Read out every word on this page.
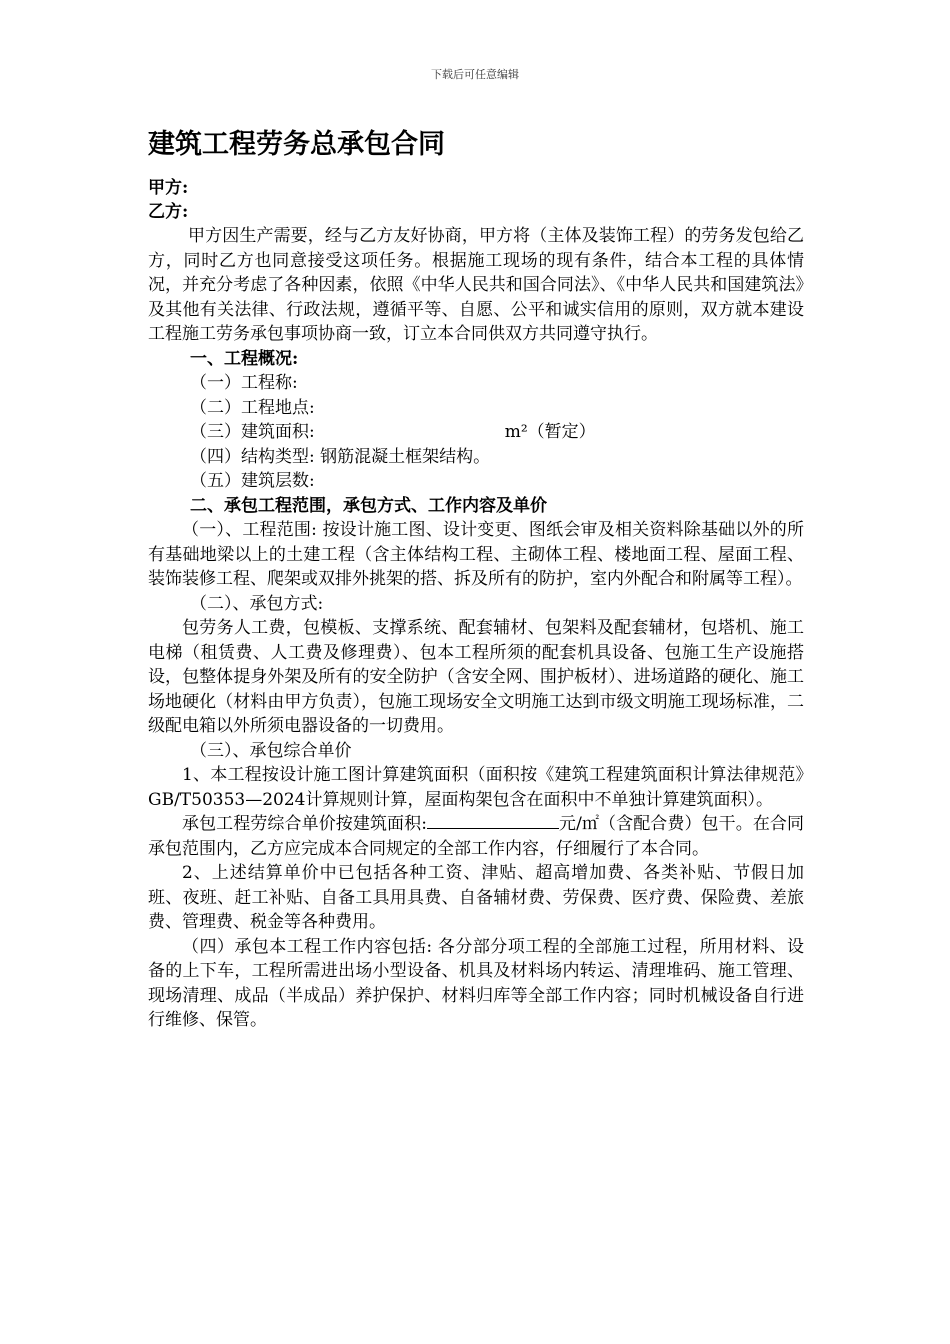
下载后可任意编辑
建筑工程劳务总承包合同
甲方:
乙方:

甲方因生产需要，经与乙方友好协商，甲方将（主体及装饰工程）的劳务发包给乙方，同时乙方也同意接受这项任务。根据施工现场的现有条件，结合本工程的具体情况，并充分考虑了各种因素，依照《中华人民共和国合同法》、《中华人民共和国建筑法》及其他有关法律、行政法规，遵循平等、自愿、公平和诚实信用的原则，双方就本建设工程施工劳务承包事项协商一致，订立本合同供双方共同遵守执行。

一、工程概况:

（一）工程称:

（二）工程地点:

（三）建筑面积:	m²（暂定）

（四）结构类型: 钢筋混凝土框架结构。

（五）建筑层数:

二、承包工程范围，承包方式、工作内容及单价

（一）、工程范围: 按设计施工图、设计变更、图纸会审及相关资料除基础以外的所有基础地梁以上的土建工程（含主体结构工程、主砌体工程、楼地面工程、屋面工程、装饰装修工程、爬架或双排外挑架的搭、拆及所有的防护，室内外配合和附属等工程）。

（二）、承包方式:

包劳务人工费，包模板、支撑系统、配套辅材、包架料及配套辅材，包塔机、施工电梯（租赁费、人工费及修理费）、包本工程所须的配套机具设备、包施工生产设施搭设，包整体提身外架及所有的安全防护（含安全网、围护板材）、进场道路的硬化、施工场地硬化（材料由甲方负责），包施工现场安全文明施工达到市级文明施工现场标准，二级配电箱以外所须电器设备的一切费用。

（三）、承包综合单价

1、本工程按设计施工图计算建筑面积（面积按《建筑工程建筑面积计算法律规范》GB/T50353—2024计算规则计算，屋面构架包含在面积中不单独计算建筑面积）。

承包工程劳综合单价按建筑面积:	元/㎡（含配合费）包干。在合同承包范围内，乙方应完成本合同规定的全部工作内容，仔细履行了本合同。

2、上述结算单价中已包括各种工资、津贴、超高增加费、各类补贴、节假日加班、夜班、赶工补贴、自备工具用具费、自备辅材费、劳保费、医疗费、保险费、差旅费、管理费、税金等各种费用。

（四）承包本工程工作内容包括: 各分部分项工程的全部施工过程，所用材料、设备的上下车，工程所需进出场小型设备、机具及材料场内转运、清理堆码、施工管理、现场清理、成品（半成品）养护保护、材料归库等全部工作内容；同时机械设备自行进行维修、保管。
